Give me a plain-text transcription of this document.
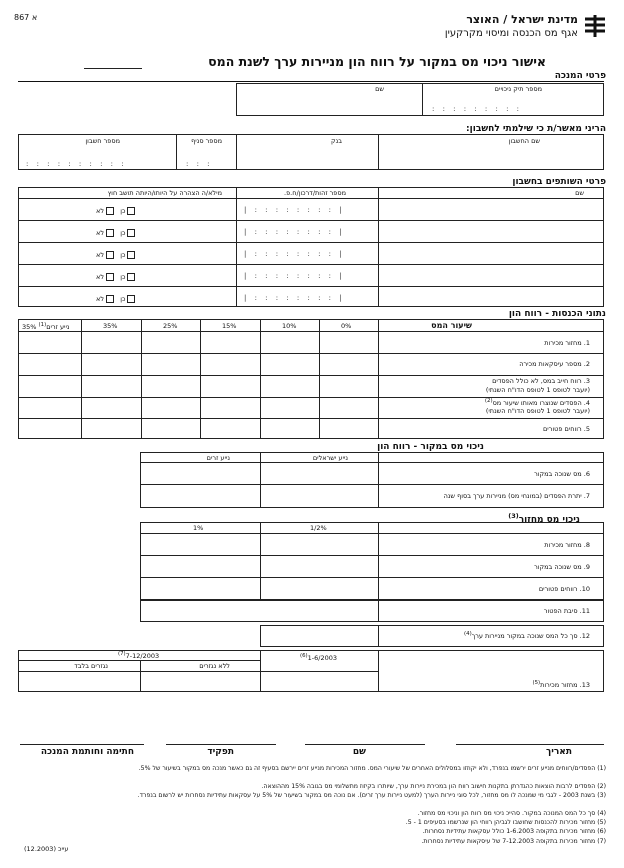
א 867	מדינת ישראל / האוצר
אגף מס הכנסה ומיסוי מקרקעין
אישור ניכוי מס במקור על רווח הון מניירות ערך לשנת המס
פרטי המנכה
מספר תיק ניכויים
שם
: : : : : : : : :
הריני מאשר/ת כי שילמתי לחשבון:
שם החשבון
בנק
מספר סניף
מספר חשבון
: : :
: : : : : : : : : :
פרטי השותפים בחשבון
שם
מספר זהות/דרכון/ח.פ.
מילא/ה הצהרה על היותו/היותה תושב חוץ
| : : : : : : : : |
כן  לא
| : : : : : : : : |
כן  לא
| : : : : : : : : |
כן  לא
| : : : : : : : : |
כן  לא
| : : : : : : : : |
כן  לא
נתוני הכנסות - רווח הון
שיעור המס
0%
10%
15%
25%
35%
נייע זרים$^{(1)}$ 35%
1. מחזור מכירות
2. מספר עיסקאות מכירה
3. רווח חייב במס, לא כולל הפסדים
(יועבר לטופס 1 לטופס הדו"ח השנתי)
4. הפסדים שנוצרו מאותו שיעור מס$^{(2)}$
(יועבר לטופס 1 לטופס הדו"ח השנתי)
5. רווחים פטורים
ניכוי מס במקור - רווח הון
נייע ישראלים
נייע זרים
6. מס שנוכה במקור
7. יתרת הפסדים (במונחי מס) מניירות ערך בסוף שנה
ניכוי מס מחזור$^{(3)}$
1/2%
1%
8. מחזור מכירות
9. מס שנוכה במקור
10. רווחים פטורים
11. סיבת הפטור
12. סך כל המס שנוכה במקור מניירות ערך$^{(4)}$
$^{(6)}$1-6/2003
$^{(7)}$7-12/2003
ללא נגזרים
נגזרים בלבד
13. מחזור מכירות$^{(5)}$
תאריך
שם
תפקיד
חתימה וחותמת המנכה
(1) הפסדים/רווחים מנייע זרים ירשמו בנפרד, ולא יקוזזו במסלולים האחרים של שיעורי המס. מחזור המכירות מנייע זרים יירשם בסעיף זה גם כאשר מנכה מס במקור בשיעור של 5%.
(2) הפסדים לרבות הוצאות כהגדרתן בתקנות חישוב רווח הון במכירת ניירות ערך, שיותרו בקיזוז מתשלומי מס בגובה 15% מההוצאה.
(3) בשנת 2003 - לגבי מי שמנכה לו מס מחזור, לכל סוגי ניירות הערך (למעט ניירות ערך זרים). אם נוכה מס במקור בשיעור של 5% על עסקאות עתידיות נסחרות יש לרשום בנפרד.
(4) סך כל המס המנוכה במקור. סהייכ ניכוי מס רווח הון וניכוי מס מחזור.
(5) מחזור מכירות להכנסות שחושבו לגביהן רווחי הון שנרשמו בסעיפים 1 - 5.
(6) מחזור מכירות בתקופה 1-6.2003 כולל עסקאות עתידיות נסחרות.
(7) מחזור מכירות בתקופה 7-12.2003 של עיסקאות עתידיות נסחרות.
עייכ (12.2003)
